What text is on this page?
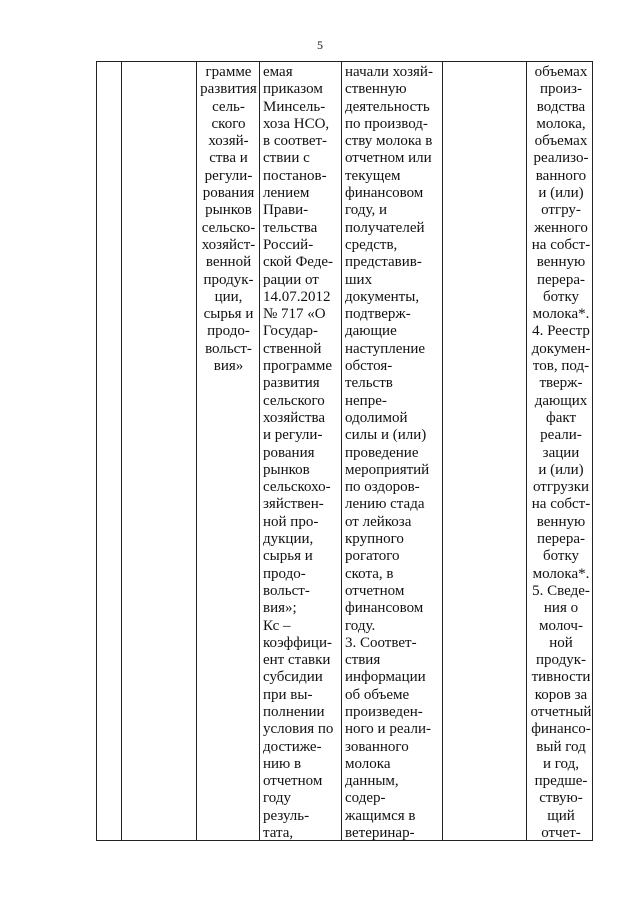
5
грамме
развития
сель-
ского
хозяй-
ства и
регули-
рования
рынков
сельско-
хозяйст-
венной
продук-
ции,
сырья и
продо-
вольст-
вия»
емая
приказом
Минсель-
хоза НСО,
в соответ-
ствии с
постанов-
лением
Прави-
тельства
Россий-
ской Феде-
рации от
14.07.2012
№ 717 «О
Государ-
ственной
программе
развития
сельского
хозяйства
и регули-
рования
рынков
сельскохо-
зяйствен-
ной про-
дукции,
сырья и
продо-
вольст-
вия»;
Кс –
коэффици-
ент ставки
субсидии
при вы-
полнении
условия по
достиже-
нию в
отчетном
году
резуль-
тата,
начали хозяй-
ственную
деятельность
по производ-
ству молока в
отчетном или
текущем
финансовом
году, и
получателей
средств,
представив-
ших
документы,
подтверж-
дающие
наступление
обстоя-
тельств
непре-
одолимой
силы и (или)
проведение
мероприятий
по оздоров-
лению стада
от лейкоза
крупного
рогатого
скота, в
отчетном
финансовом
году.
3. Соответ-
ствия
информации
об объеме
произведен-
ного и реали-
зованного
молока
данным,
содер-
жащимся в
ветеринар-
объемах
произ-
водства
молока,
объемах
реализо-
ванного
и (или)
отгру-
женного
на собст-
венную
перера-
ботку
молока*.
4. Реестр
докумен-
тов, под-
тверж-
дающих
факт
реали-
зации
и (или)
отгрузки
на собст-
венную
перера-
ботку
молока*.
5. Сведе-
ния о
молоч-
ной
продук-
тивности
коров за
отчетный
финансо-
вый год
и год,
предше-
ствую-
щий
отчет-
